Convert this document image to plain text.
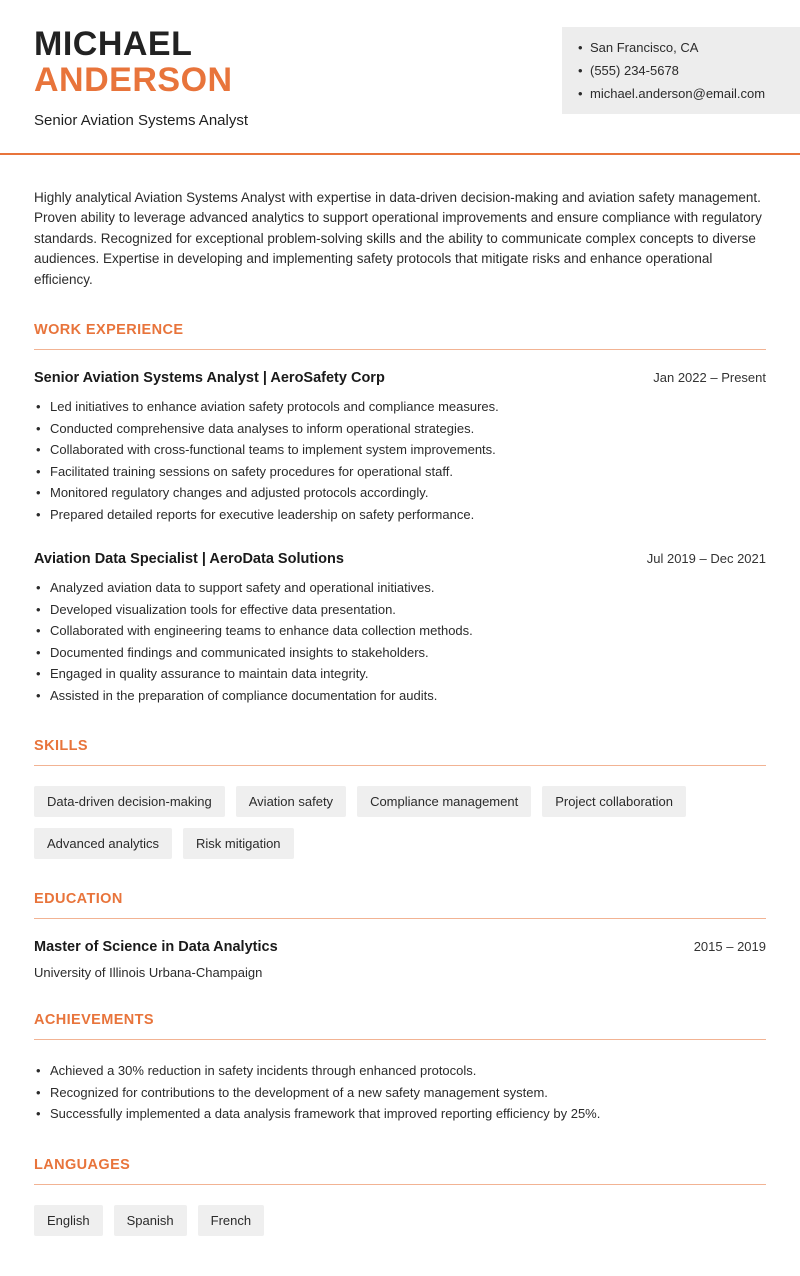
MICHAEL
ANDERSON
Senior Aviation Systems Analyst
• San Francisco, CA
• (555) 234-5678
• michael.anderson@email.com

Highly analytical Aviation Systems Analyst with expertise in data-driven decision-making and aviation safety management. Proven ability to leverage advanced analytics to support operational improvements and ensure compliance with regulatory standards. Recognized for exceptional problem-solving skills and the ability to communicate complex concepts to diverse audiences. Expertise in developing and implementing safety protocols that mitigate risks and enhance operational efficiency.

WORK EXPERIENCE
Senior Aviation Systems Analyst | AeroSafety Corp	Jan 2022 – Present
• Led initiatives to enhance aviation safety protocols and compliance measures.
• Conducted comprehensive data analyses to inform operational strategies.
• Collaborated with cross-functional teams to implement system improvements.
• Facilitated training sessions on safety procedures for operational staff.
• Monitored regulatory changes and adjusted protocols accordingly.
• Prepared detailed reports for executive leadership on safety performance.
Aviation Data Specialist | AeroData Solutions	Jul 2019 – Dec 2021
• Analyzed aviation data to support safety and operational initiatives.
• Developed visualization tools for effective data presentation.
• Collaborated with engineering teams to enhance data collection methods.
• Documented findings and communicated insights to stakeholders.
• Engaged in quality assurance to maintain data integrity.
• Assisted in the preparation of compliance documentation for audits.
SKILLS
Data-driven decision-making	Aviation safety	Compliance management	Project collaboration
Advanced analytics	Risk mitigation
EDUCATION
Master of Science in Data Analytics	2015 – 2019
University of Illinois Urbana-Champaign
ACHIEVEMENTS
• Achieved a 30% reduction in safety incidents through enhanced protocols.
• Recognized for contributions to the development of a new safety management system.
• Successfully implemented a data analysis framework that improved reporting efficiency by 25%.
LANGUAGES
English	Spanish	French
